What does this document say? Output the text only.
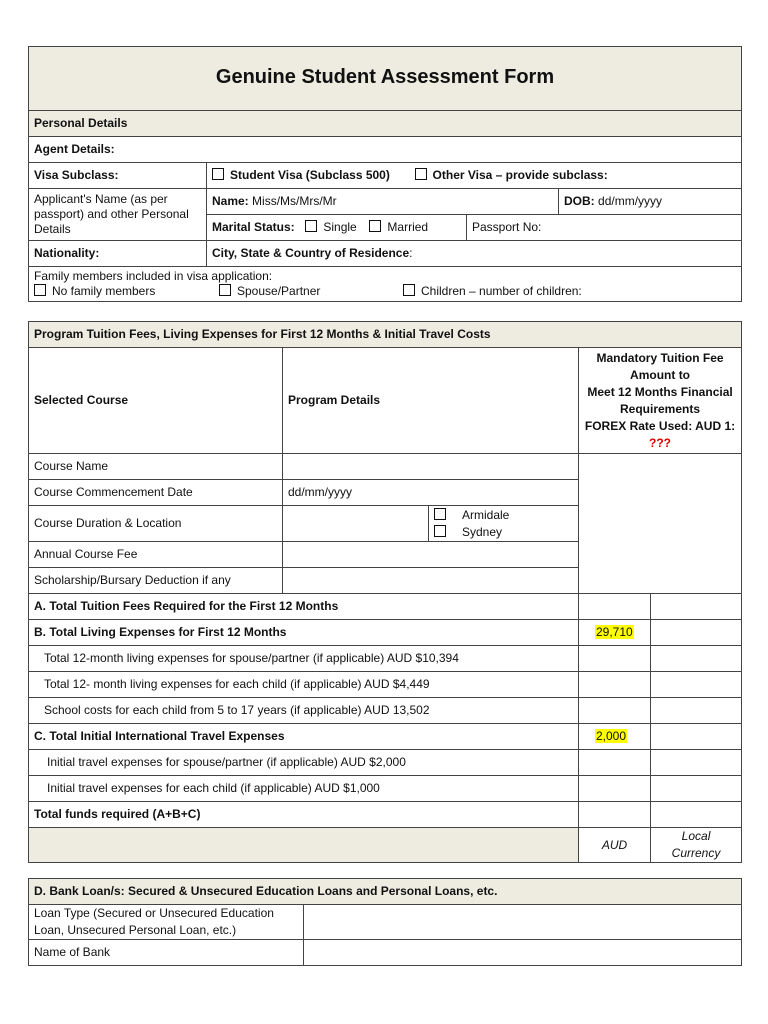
Genuine Student Assessment Form			
Personal Details			
Agent Details:			
Visa Subclass:	Student Visa (Subclass 500) Other Visa – provide subclass:		
Applicant's Name (as per passport) and other Personal Details	Name: Miss/Ms/Mrs/Mr		DOB: dd/mm/yyyy
	Marital Status: Single Married	Passport No:	
Nationality:	City, State & Country of Residence:		

Family members included in visa application:
No family members Spouse/Partner Children – number of children:			
Program Tuition Fees, Living Expenses for First 12 Months & Initial Travel Costs				
Selected Course	Program Details		Mandatory Tuition Fee Amount to
Meet 12 Months Financial Requirements
FOREX Rate Used: AUD 1:
???	

Course Name				
Course Commencement Date	dd/mm/yyyy			
Course Duration & Location		Armidale
Sydney		

Annual Course Fee				
Scholarship/Bursary Deduction if any				
A. Total Tuition Fees Required for the First 12 Months				
B. Total Living Expenses for First 12 Months			29,710	
Total 12-month living expenses for spouse/partner (if applicable) AUD $10,394				
Total 12- month living expenses for each child (if applicable) AUD $4,449				
School costs for each child from 5 to 17 years (if applicable) AUD 13,502				
C. Total Initial International Travel Expenses			2,000	
Initial travel expenses for spouse/partner (if applicable) AUD $2,000				
Initial travel expenses for each child (if applicable) AUD $1,000				
Total funds required (A+B+C)				
			AUD	Local Currency
D. Bank Loan/s: Secured & Unsecured Education Loans and Personal Loans, etc.	
Loan Type (Secured or Unsecured Education Loan, Unsecured Personal Loan, etc.)	
Name of Bank	
